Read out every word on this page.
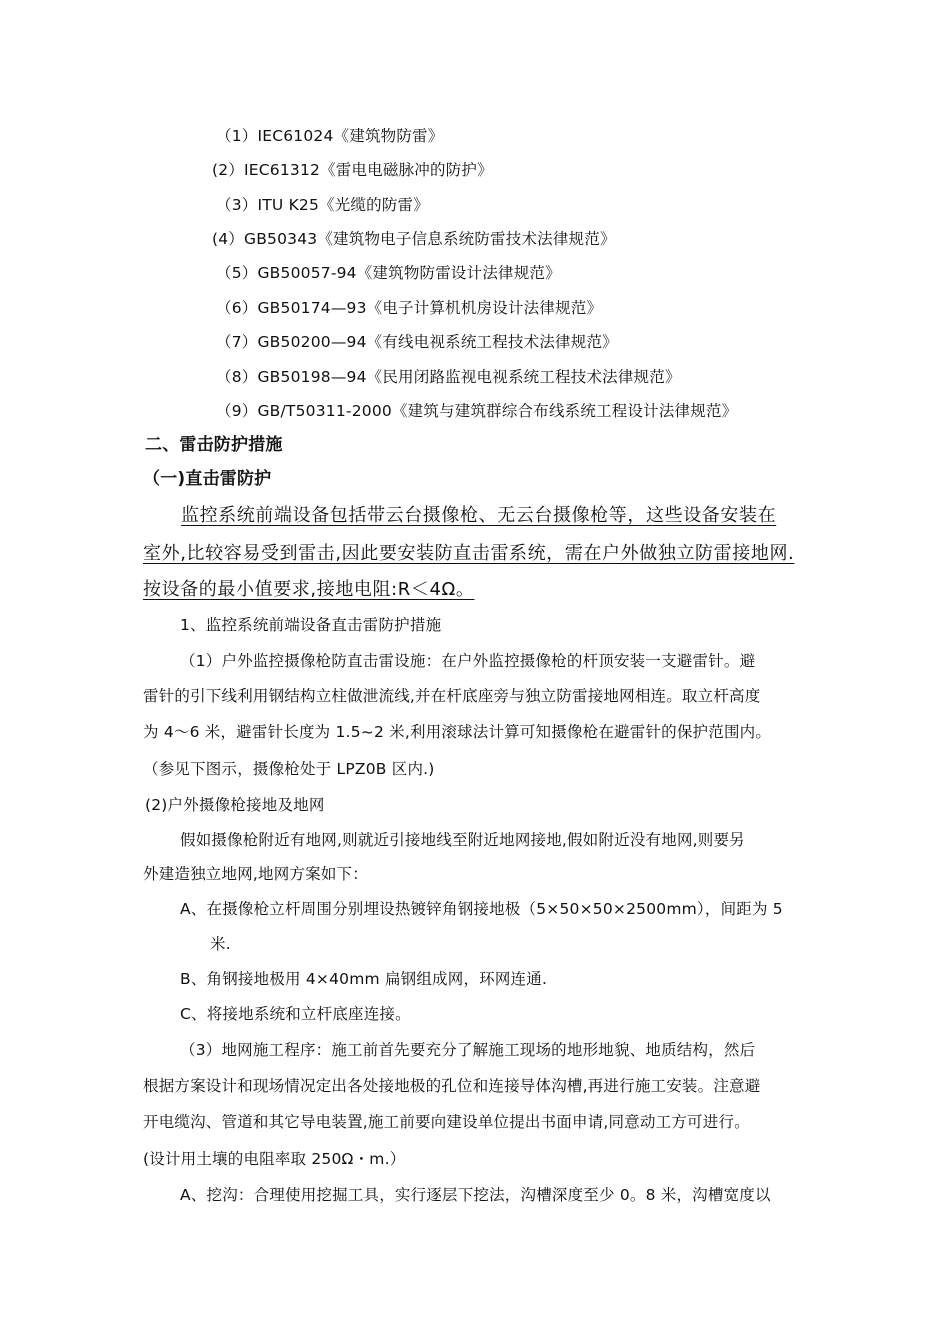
（1）IEC61024《建筑物防雷》
(2）IEC61312《雷电电磁脉冲的防护》
（3）ITU K25《光缆的防雷》
(4）GB50343《建筑物电子信息系统防雷技术法律规范》
（5）GB50057-94《建筑物防雷设计法律规范》
（6）GB50174—93《电子计算机机房设计法律规范》
（7）GB50200—94《有线电视系统工程技术法律规范》
（8）GB50198—94《民用闭路监视电视系统工程技术法律规范》
（9）GB/T50311-2000《建筑与建筑群综合布线系统工程设计法律规范》
二、雷击防护措施
（一)直击雷防护
监控系统前端设备包括带云台摄像枪、无云台摄像枪等，这些设备安装在
室外,比较容易受到雷击,因此要安装防直击雷系统，需在户外做独立防雷接地网.
按设备的最小值要求,接地电阻:R＜4Ω。
1、监控系统前端设备直击雷防护措施
（1）户外监控摄像枪防直击雷设施：在户外监控摄像枪的杆顶安装一支避雷针。避
雷针的引下线利用钢结构立柱做泄流线,并在杆底座旁与独立防雷接地网相连。取立杆高度
为 4～6 米，避雷针长度为 1.5~2 米,利用滚球法计算可知摄像枪在避雷针的保护范围内。
（参见下图示，摄像枪处于 LPZ0B 区内.)
(2)户外摄像枪接地及地网
假如摄像枪附近有地网,则就近引接地线至附近地网接地,假如附近没有地网,则要另
外建造独立地网,地网方案如下：
A、在摄像枪立杆周围分别埋设热镀锌角钢接地极（5×50×50×2500mm），间距为 5
米.
B、角钢接地极用 4×40mm 扁钢组成网，环网连通.
C、将接地系统和立杆底座连接。
（3）地网施工程序：施工前首先要充分了解施工现场的地形地貌、地质结构，然后
根据方案设计和现场情况定出各处接地极的孔位和连接导体沟槽,再进行施工安装。注意避
开电缆沟、管道和其它导电装置,施工前要向建设单位提出书面申请,同意动工方可进行。
(设计用土壤的电阻率取 250Ω・m.）
A、挖沟：合理使用挖掘工具，实行逐层下挖法，沟槽深度至少 0。8 米，沟槽宽度以
